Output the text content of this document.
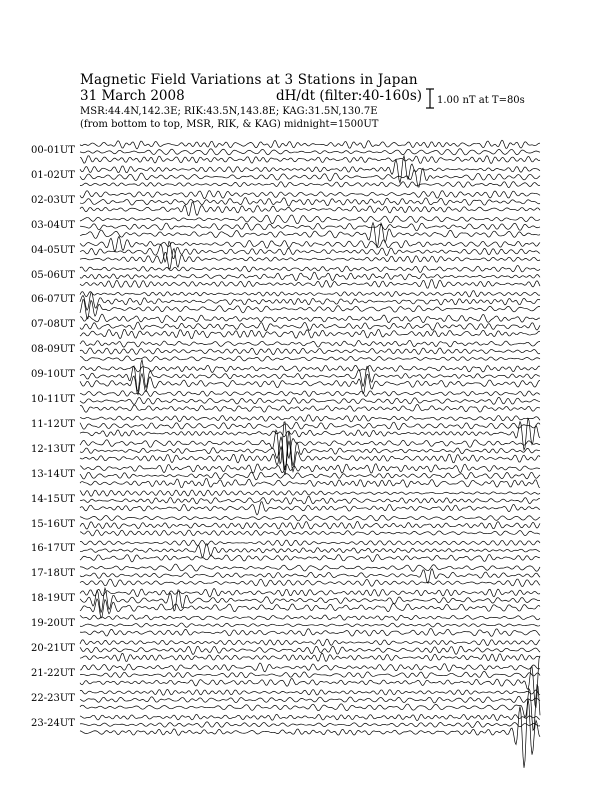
Magnetic Field Variations at 3 Stations in Japan
31 March 2008	dH/dt (filter:40-160s)
MSR:44.4N,142.3E; RIK:43.5N,143.8E; KAG:31.5N,130.7E
(from bottom to top, MSR, RIK, & KAG) midnight=1500UT
1.00 nT at T=80s
00-01UT
01-02UT
02-03UT
03-04UT
04-05UT
05-06UT
06-07UT
07-08UT
08-09UT
09-10UT
10-11UT
11-12UT
12-13UT
13-14UT
14-15UT
15-16UT
16-17UT
17-18UT
18-19UT
19-20UT
20-21UT
21-22UT
22-23UT
23-24UT
